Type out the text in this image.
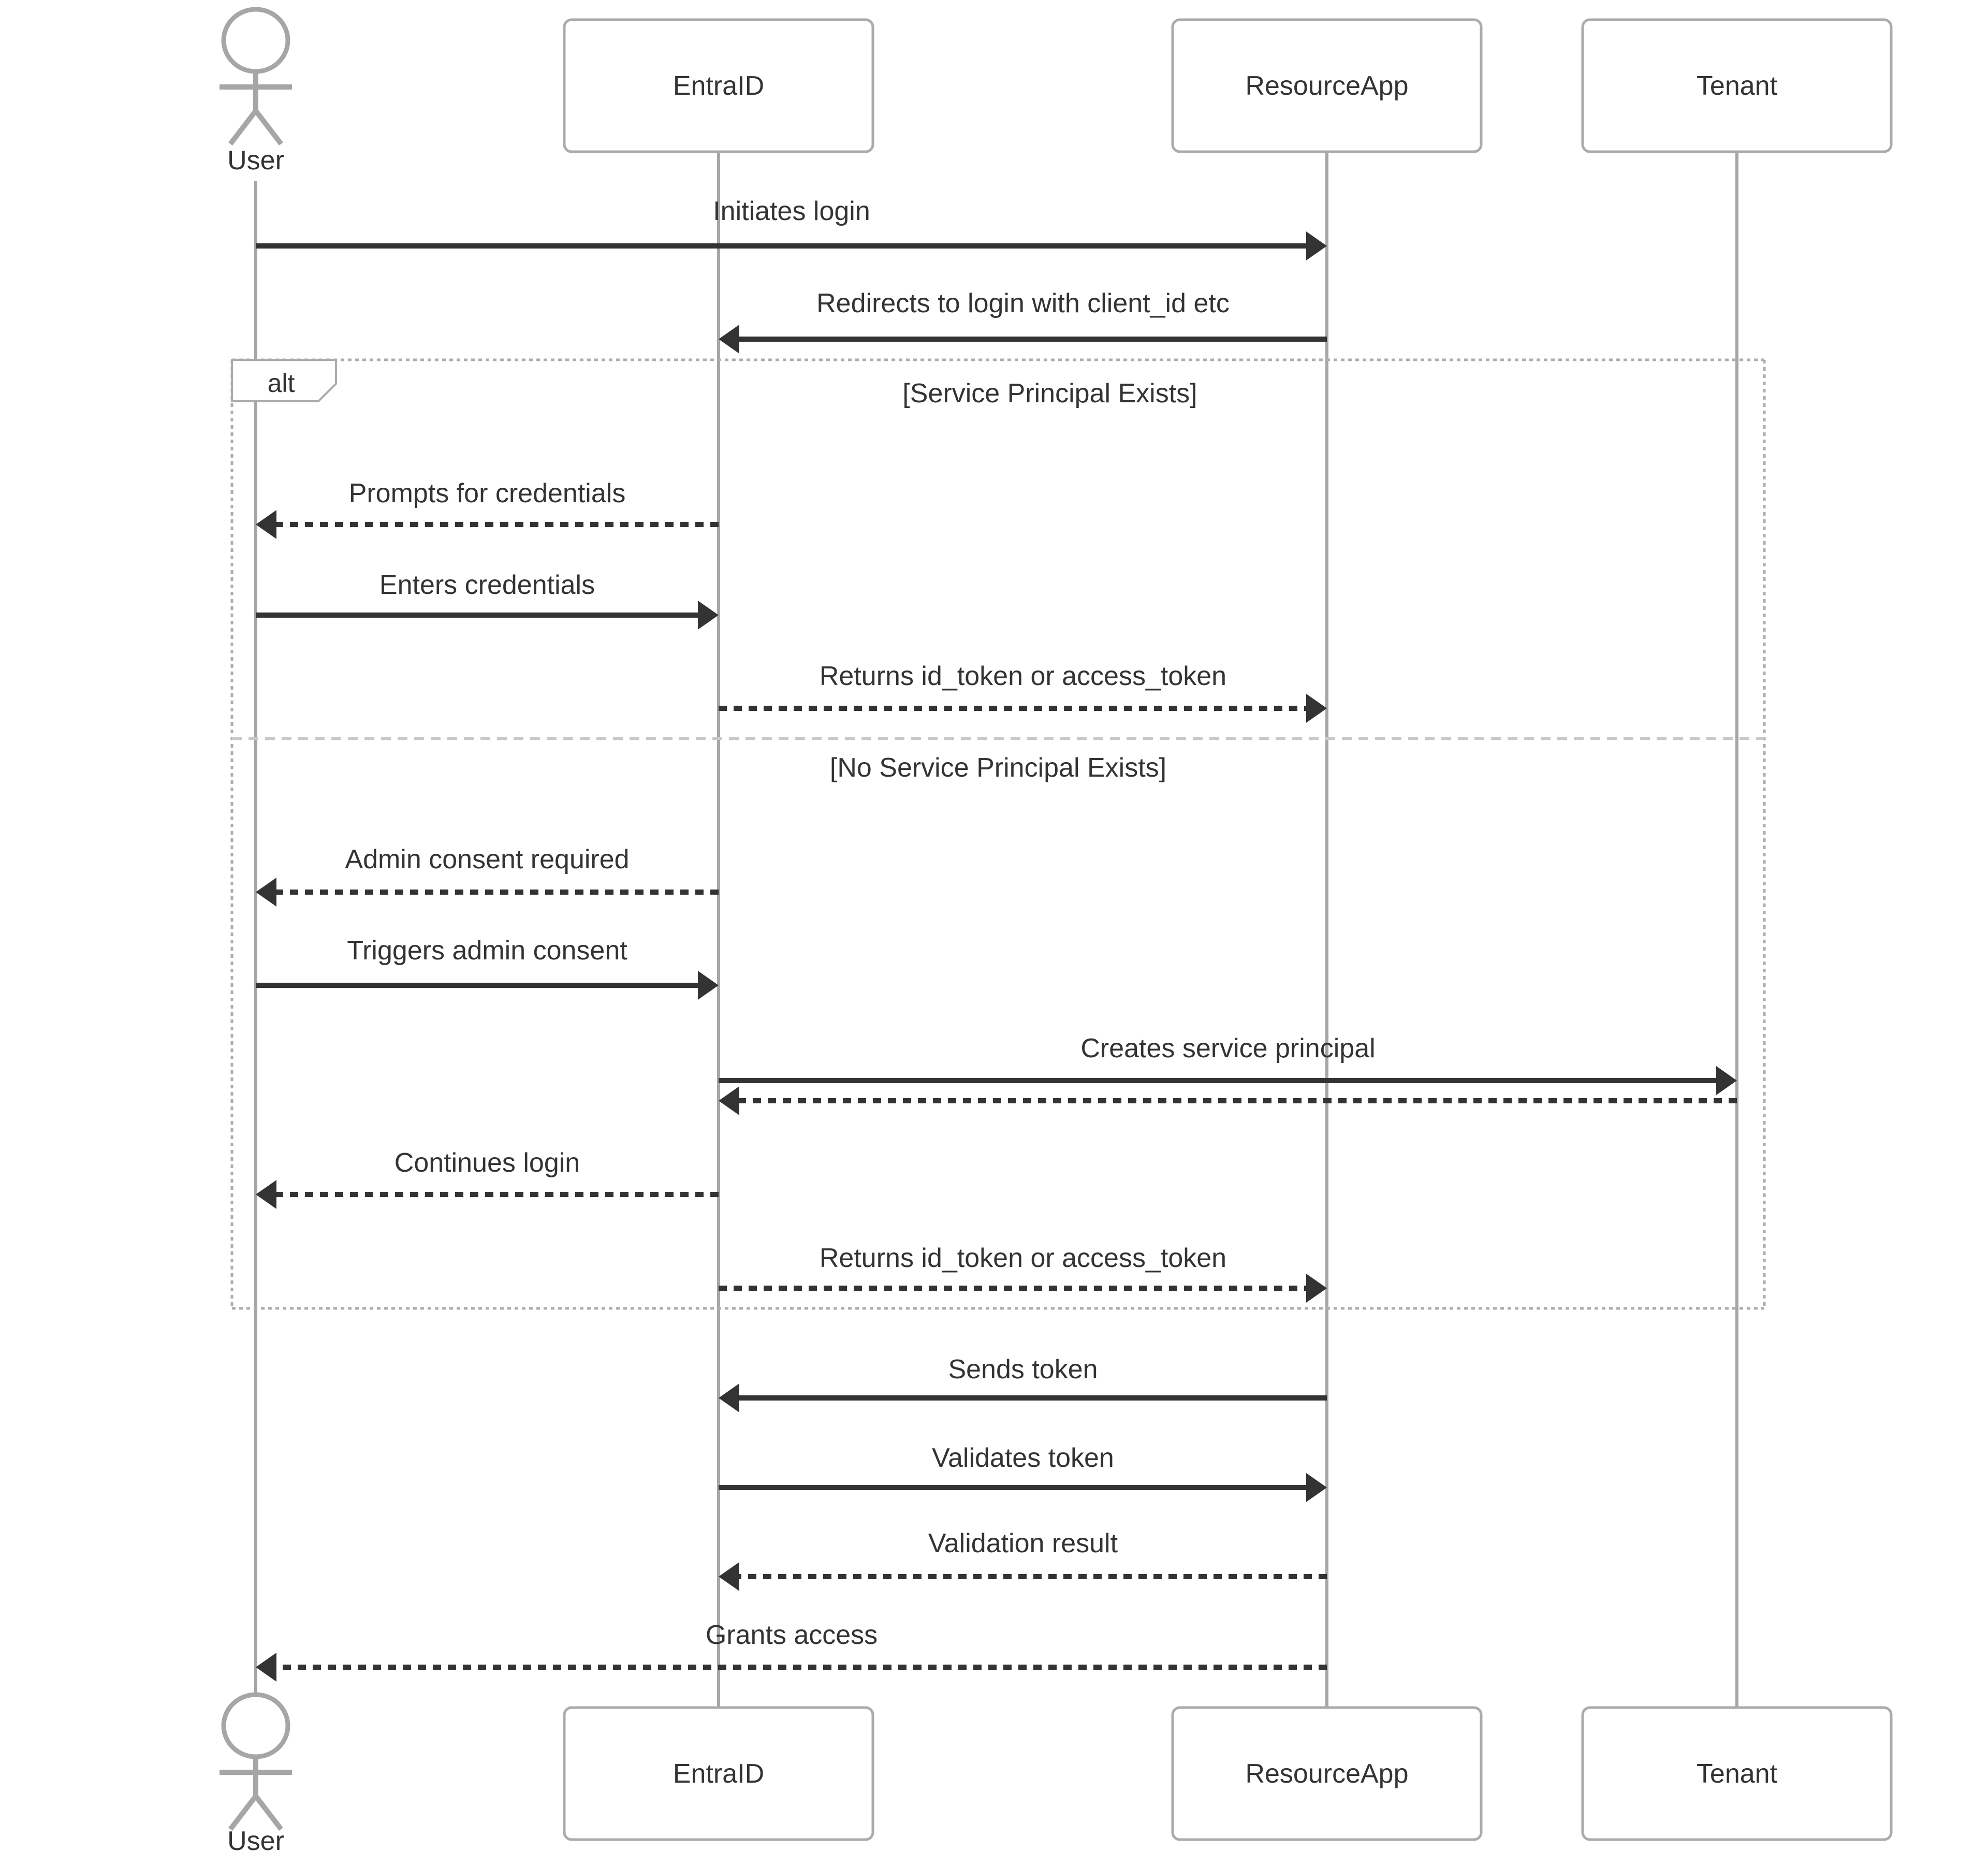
alt	[Service Principal Exists]
[No Service Principal Exists]
Initiates login
Redirects to login with client_id etc
Prompts for credentials
Enters credentials
Returns id_token or access_token
Admin consent required
Triggers admin consent
Creates service principal
Continues login
Returns id_token or access_token
Sends token
Validates token
Validation result
Grants access
User
EntraID	ResourceApp	Tenant
User
EntraID	ResourceApp	Tenant
